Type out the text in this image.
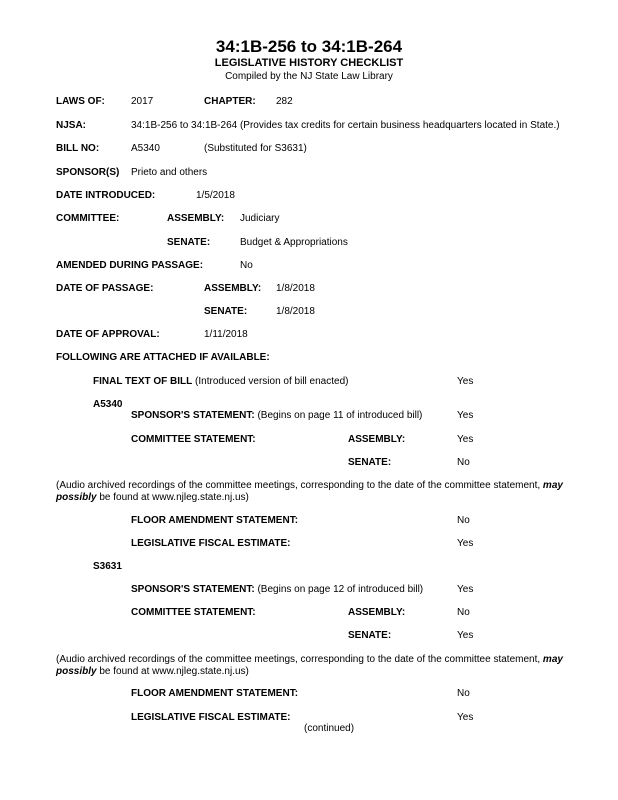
34:1B-256 to 34:1B-264
LEGISLATIVE HISTORY CHECKLIST
Compiled by the NJ State Law Library
LAWS OF:	2017	CHAPTER: 282
NJSA:	34:1B-256 to 34:1B-264 (Provides tax credits for certain business headquarters located in State.)
BILL NO:	A5340	(Substituted for S3631)
SPONSOR(S) Prieto and others
DATE INTRODUCED:	1/5/2018
COMMITTEE:	ASSEMBLY: Judiciary
SENATE:	Budget & Appropriations
AMENDED DURING PASSAGE:	No
DATE OF PASSAGE:	ASSEMBLY: 1/8/2018
SENATE:	1/8/2018
DATE OF APPROVAL:	1/11/2018
FOLLOWING ARE ATTACHED IF AVAILABLE:
FINAL TEXT OF BILL (Introduced version of bill enacted)	Yes
A5340
SPONSOR'S STATEMENT: (Begins on page 11 of introduced bill)	Yes
COMMITTEE STATEMENT:	ASSEMBLY:	Yes
SENATE:	No
(Audio archived recordings of the committee meetings, corresponding to the date of the committee statement, may possibly be found at www.njleg.state.nj.us)
FLOOR AMENDMENT STATEMENT:	No
LEGISLATIVE FISCAL ESTIMATE:	Yes
S3631
SPONSOR'S STATEMENT: (Begins on page 12 of introduced bill)	Yes
COMMITTEE STATEMENT:	ASSEMBLY:	No
SENATE:	Yes
(Audio archived recordings of the committee meetings, corresponding to the date of the committee statement, may possibly be found at www.njleg.state.nj.us)
FLOOR AMENDMENT STATEMENT:	No
LEGISLATIVE FISCAL ESTIMATE:	Yes
(continued)
